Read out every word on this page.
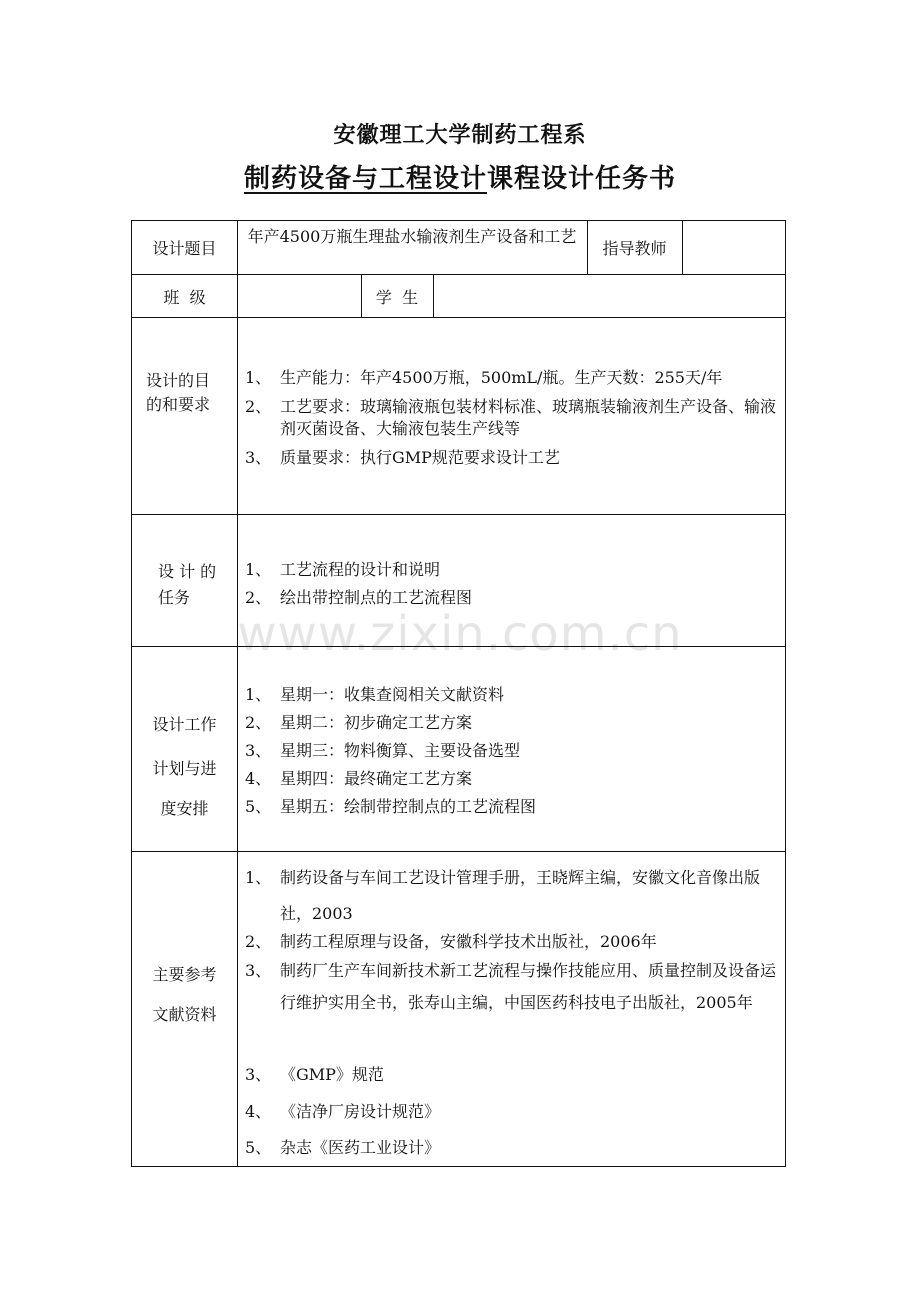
安徽理工大学制药工程系
制药设备与工程设计课程设计任务书
设计题目
年产4500万瓶生理盐水输液剂生产设备和工艺
指导教师
班  级	学  生
设计的目的和要求
1、 生产能力：年产4500万瓶，500mL/瓶。生产天数：255天/年
2、 工艺要求：玻璃输液瓶包装材料标准、玻璃瓶装输液剂生产设备、输液剂灭菌设备、大输液包装生产线等
3、 质量要求：执行GMP规范要求设计工艺
设 计 的 任务
1、 工艺流程的设计和说明
2、 绘出带控制点的工艺流程图
设计工作
计划与进
度安排
1、 星期一：收集查阅相关文献资料
2、 星期二：初步确定工艺方案
3、 星期三：物料衡算、主要设备选型
4、 星期四：最终确定工艺方案
5、 星期五：绘制带控制点的工艺流程图
主要参考
文献资料
1、 制药设备与车间工艺设计管理手册，王晓辉主编，安徽文化音像出版社，2003
2、 制药工程原理与设备，安徽科学技术出版社，2006年
3、 制药厂生产车间新技术新工艺流程与操作技能应用、质量控制及设备运行维护实用全书，张寿山主编，中国医药科技电子出版社，2005年
3、 《GMP》规范
4、 《洁净厂房设计规范》
5、 杂志《医药工业设计》
www.zixin.com.cn
